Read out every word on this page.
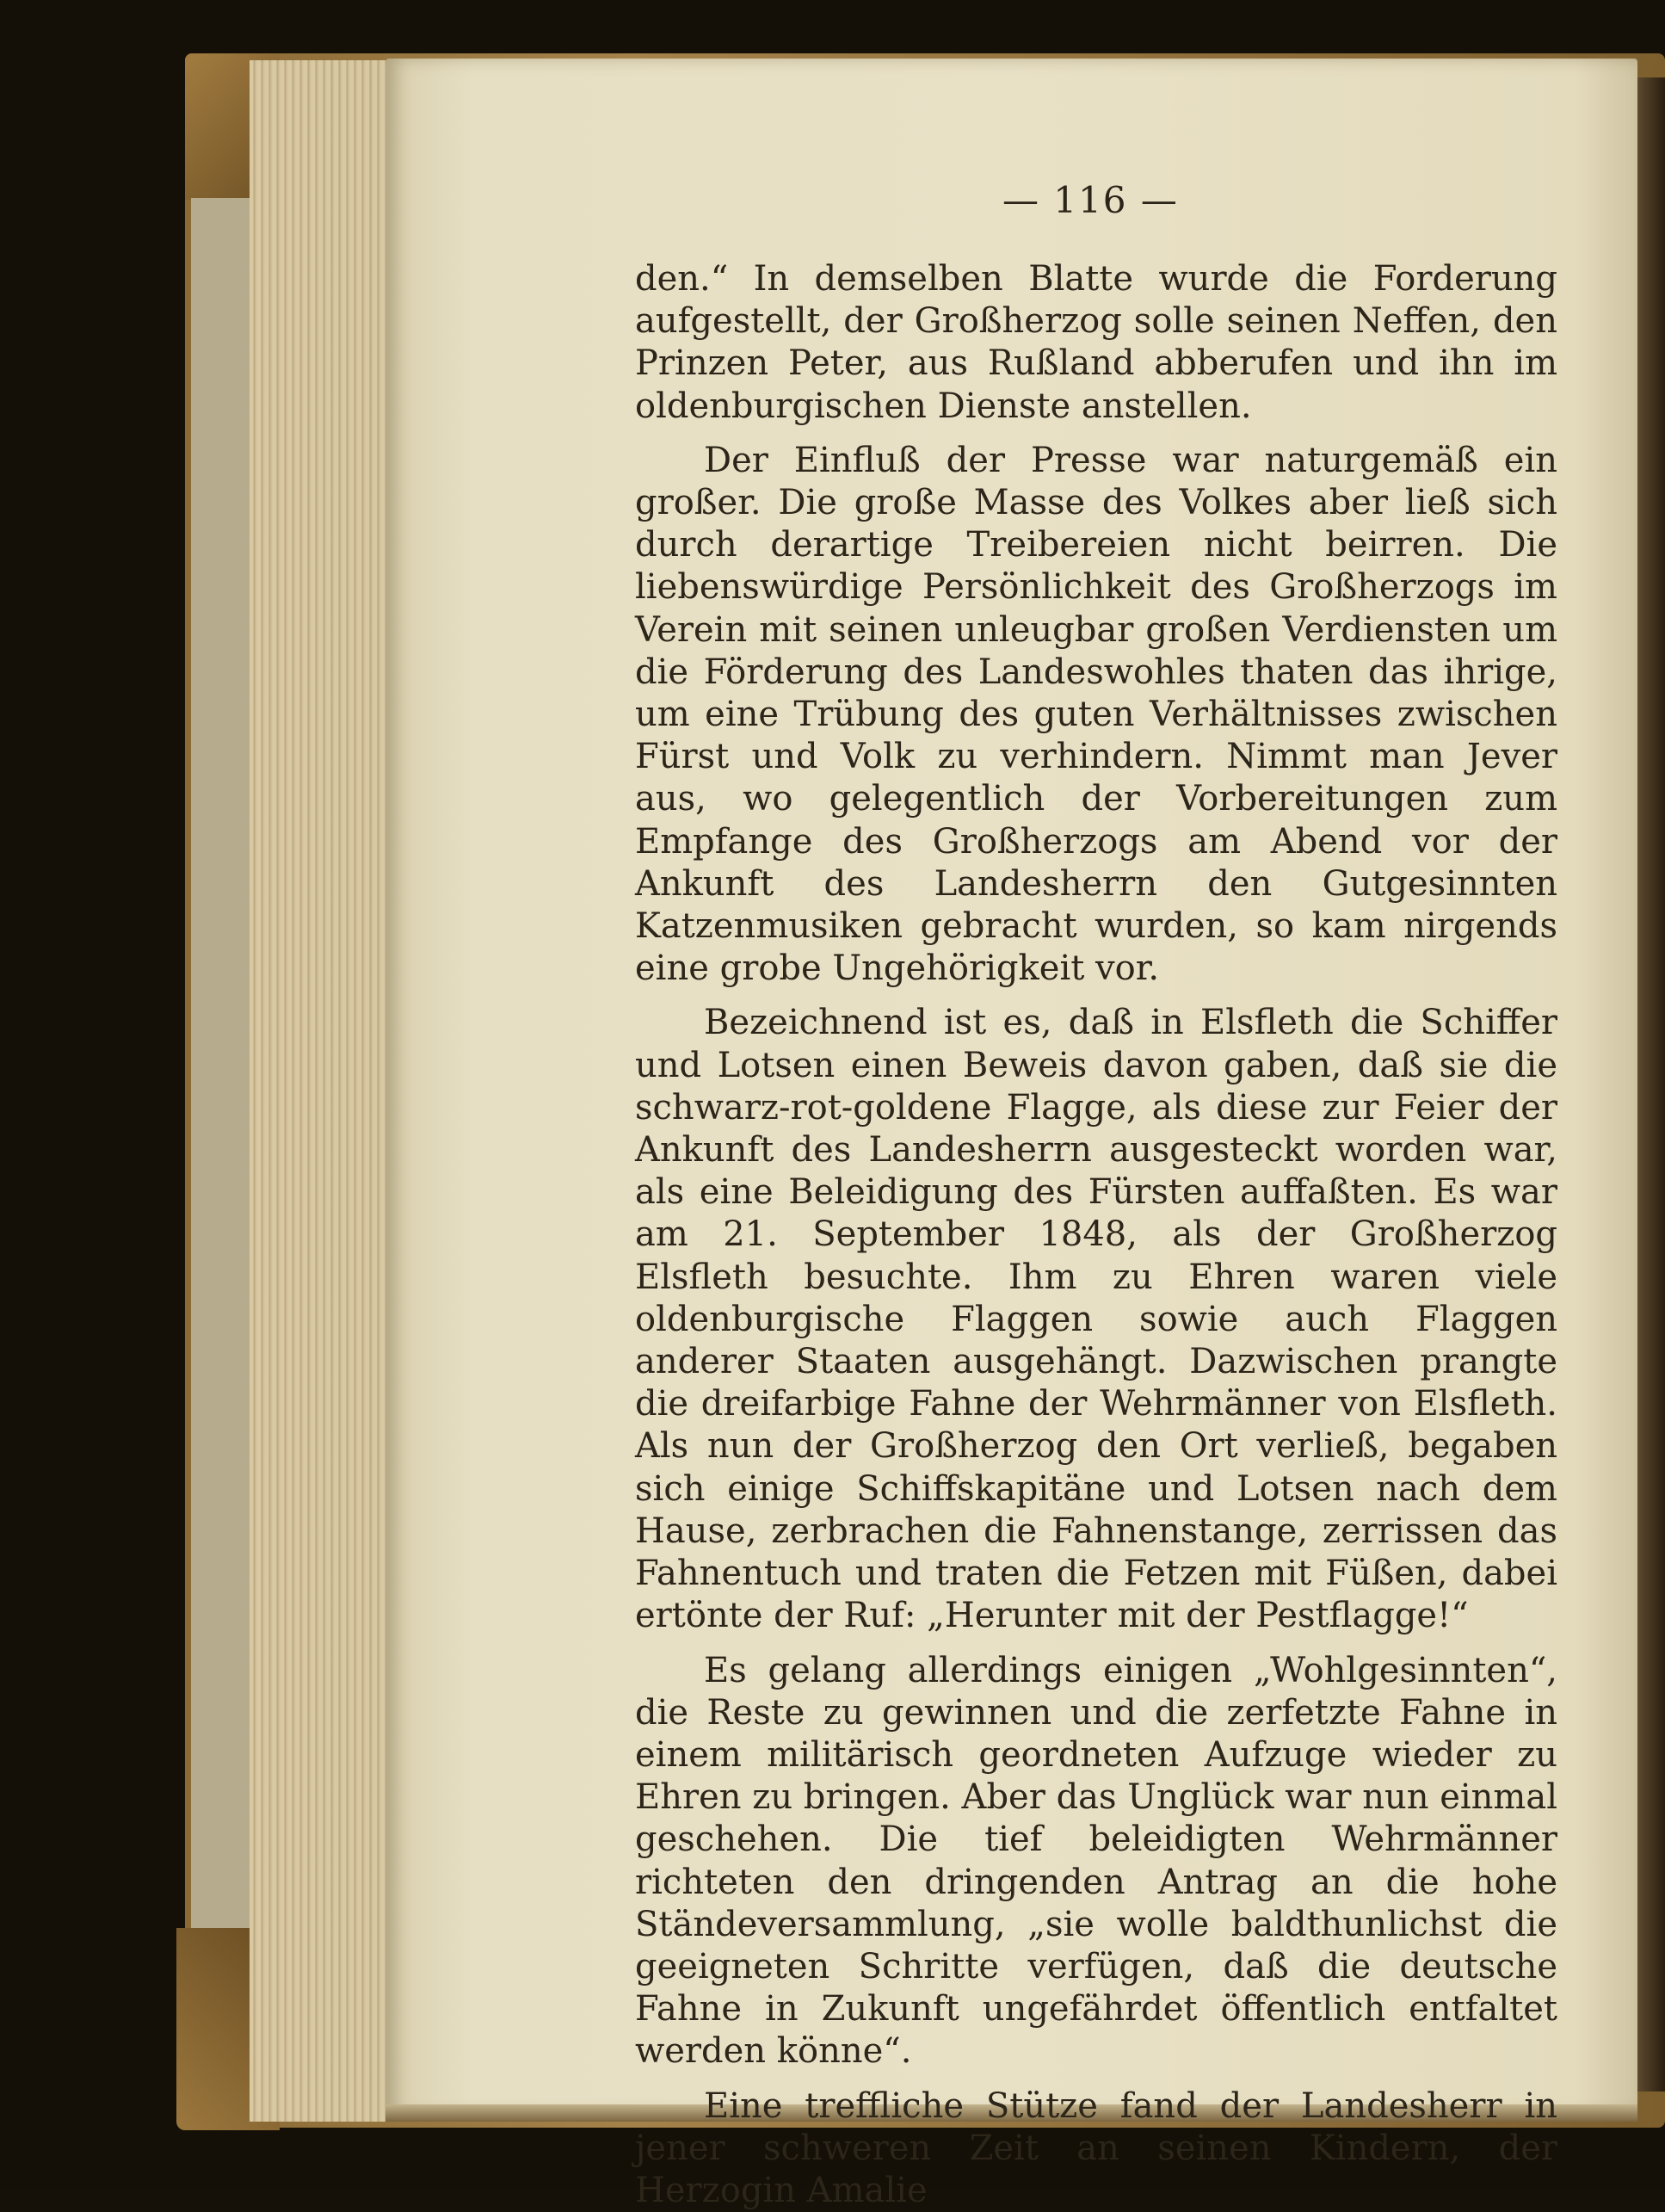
— 116 —

den.“ In demselben Blatte wurde die Forderung aufgestellt, der Großherzog solle seinen Neffen, den Prinzen Peter, aus Rußland abberufen und ihn im oldenburgischen Dienste anstellen.

Der Einfluß der Presse war naturgemäß ein großer. Die große Masse des Volkes aber ließ sich durch derartige Treibereien nicht beirren. Die liebenswürdige Persönlichkeit des Großherzogs im Verein mit seinen unleugbar großen Verdiensten um die Förderung des Landeswohles thaten das ihrige, um eine Trübung des guten Verhältnisses zwischen Fürst und Volk zu verhindern. Nimmt man Jever aus, wo gelegentlich der Vorbereitungen zum Empfange des Großherzogs am Abend vor der Ankunft des Landesherrn den Gutgesinnten Katzenmusiken gebracht wurden, so kam nirgends eine grobe Ungehörigkeit vor.

Bezeichnend ist es, daß in Elsfleth die Schiffer und Lotsen einen Beweis davon gaben, daß sie die schwarz-rot-goldene Flagge, als diese zur Feier der Ankunft des Landesherrn ausgesteckt worden war, als eine Beleidigung des Fürsten auffaßten. Es war am 21. September 1848, als der Großherzog Elsfleth besuchte. Ihm zu Ehren waren viele oldenburgische Flaggen sowie auch Flaggen anderer Staaten ausgehängt. Dazwischen prangte die dreifarbige Fahne der Wehrmänner von Elsfleth. Als nun der Großherzog den Ort verließ, begaben sich einige Schiffskapitäne und Lotsen nach dem Hause, zerbrachen die Fahnenstange, zerrissen das Fahnentuch und traten die Fetzen mit Füßen, dabei ertönte der Ruf: „Herunter mit der Pestflagge!“

Es gelang allerdings einigen „Wohlgesinnten“, die Reste zu gewinnen und die zerfetzte Fahne in einem militärisch geordneten Aufzuge wieder zu Ehren zu bringen. Aber das Unglück war nun einmal geschehen. Die tief beleidigten Wehrmänner richteten den dringenden Antrag an die hohe Ständeversammlung, „sie wolle baldthunlichst die geeigneten Schritte verfügen, daß die deutsche Fahne in Zukunft ungefährdet öffentlich entfaltet werden könne“.

Eine treffliche Stütze fand der Landesherr in jener schweren Zeit an seinen Kindern, der Herzogin Amalie
